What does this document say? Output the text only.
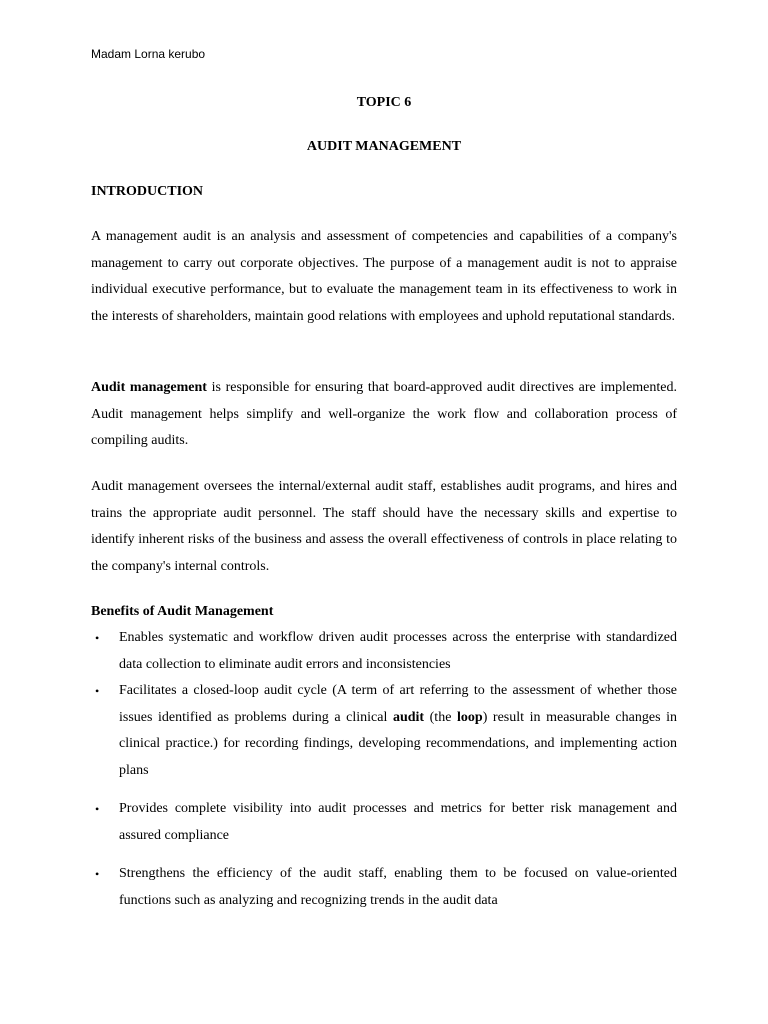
Madam Lorna kerubo
TOPIC 6
AUDIT MANAGEMENT
INTRODUCTION

A management audit is an analysis and assessment of competencies and capabilities of a company's management to carry out corporate objectives. The purpose of a management audit is not to appraise individual executive performance, but to evaluate the management team in its effectiveness to work in the interests of shareholders, maintain good relations with employees and uphold reputational standards.

Audit management is responsible for ensuring that board-approved audit directives are implemented. Audit management helps simplify and well-organize the work flow and collaboration process of compiling audits.

Audit management oversees the internal/external audit staff, establishes audit programs, and hires and trains the appropriate audit personnel. The staff should have the necessary skills and expertise to identify inherent risks of the business and assess the overall effectiveness of controls in place relating to the company's internal controls.

Benefits of Audit Management
• Enables systematic and workflow driven audit processes across the enterprise with standardized data collection to eliminate audit errors and inconsistencies
• Facilitates a closed-loop audit cycle (A term of art referring to the assessment of whether those issues identified as problems during a clinical audit (the loop) result in measurable changes in clinical practice.) for recording findings, developing recommendations, and implementing action plans
• Provides complete visibility into audit processes and metrics for better risk management and assured compliance
• Strengthens the efficiency of the audit staff, enabling them to be focused on value-oriented functions such as analyzing and recognizing trends in the audit data
